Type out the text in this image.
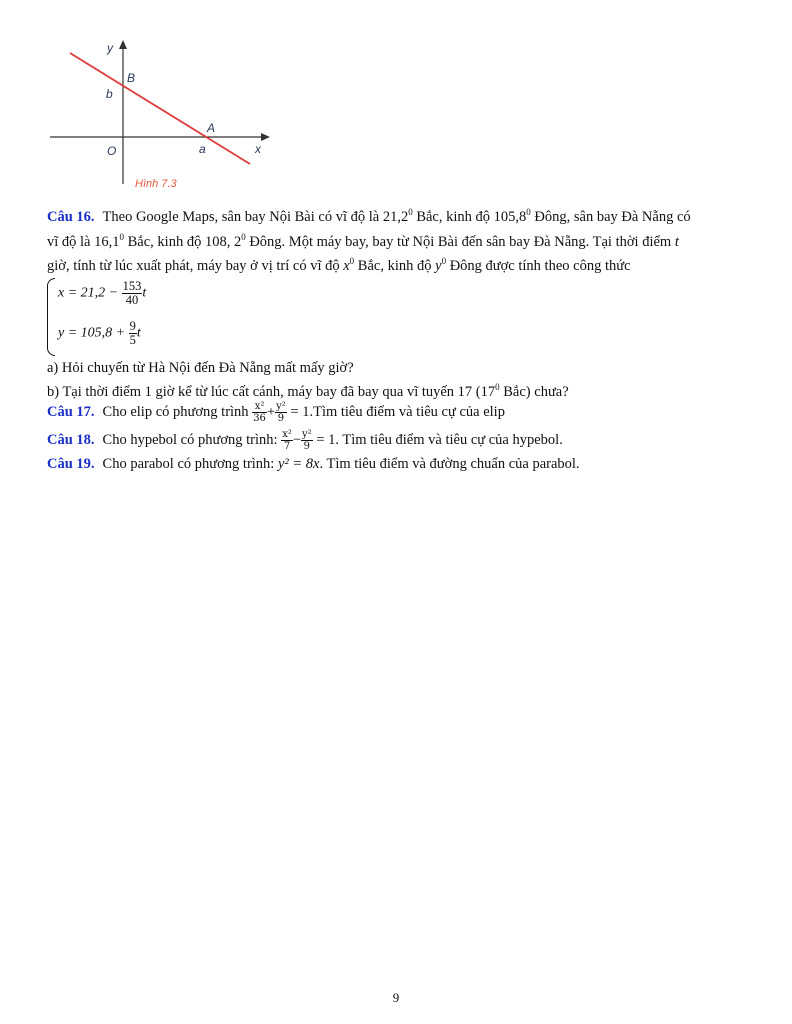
y
B
b
A
O	a	x
Hình 7.3
Câu 16. Theo Google Maps, sân bay Nội Bài có vĩ độ là 21,2$^0$ Bắc, kinh độ 105,8$^0$ Đông, sân bay Đà Nẵng có
vĩ độ là 16,1$^0$ Bắc, kinh độ 108, $2^0$ Đông. Một máy bay, bay từ Nội Bài đến sân bay Đà Nẵng. Tại thời điểm t
giờ, tính từ lúc xuất phát, máy bay ở vị trí có vĩ độ $x^0$ Bắc, kinh độ $y^0$ Đông được tính theo công thức
$x = 21,2 - \frac{153}{40}$ t
$y = 105,8 + \frac{9}{5}$ t
a) Hỏi chuyến từ Hà Nội đến Đà Nẵng mất mấy giờ?
b) Tại thời điểm 1 giờ kể từ lúc cất cánh, máy bay đã bay qua vĩ tuyến 17 ($17^0$ Bắc) chưa?
Câu 17. Cho elip có phương trình $\frac{\text{x²}}{36} + \frac{\text{y²}}{9}$ = 1.Tìm tiêu điểm và tiêu cự của elip
Câu 18. Cho hypebol có phương trình: $\frac{\text{x²}}{7} - \frac{\text{y²}}{9} = 1$. Tìm tiêu điểm và tiêu cự của hypebol.
Câu 19. Cho parabol có phương trình: y² = 8x. Tìm tiêu điểm và đường chuẩn của parabol.
9
